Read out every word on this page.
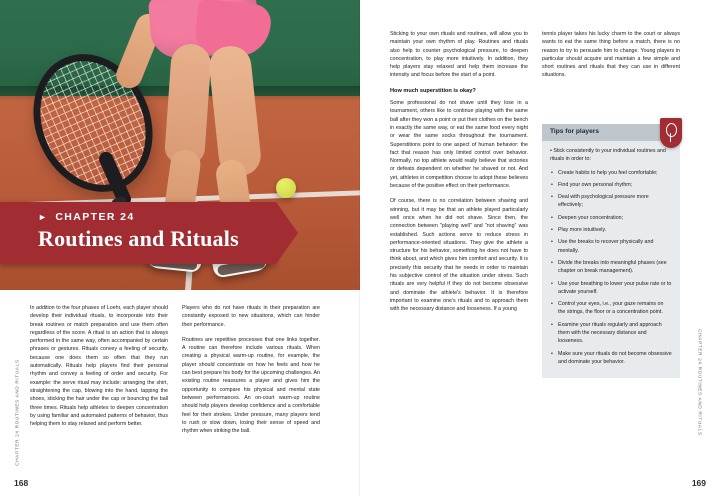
► CHAPTER 24
Routines and Rituals

In addition to the four phases of Loehr, each player should develop their individual rituals, to incorporate into their break routines or match preparation and use them often regardless of the score. A ritual is an action that is always performed in the same way, often accompanied by certain phrases or gestures. Rituals convey a feeling of security, because one does them so often that they run automatically. Rituals help players find their personal rhythm and convey a feeling of order and security. For example: the serve ritual may include: arranging the shirt, straightening the cap, blowing into the hand, tapping the shoes, sticking the hair under the cap or bouncing the ball three times. Rituals help athletes to deepen concentration by using familiar and automated patterns of behavior, thus helping them to stay relaxed and perform better.

Players who do not have rituals in their preparation are constantly exposed to new situations, which can hinder their performance.

Routines are repetitive processes that one links together. A routine can therefore include various rituals. When creating a physical warm-up routine, for example, the player should concentrate on how he feels and how he can best prepare his body for the upcoming challenges. An existing routine reassures a player and gives him the opportunity to compare his physical and mental state between performances. An on-court warm-up routine should help players develop confidence and a comfortable feel for their strokes. Under pressure, many players tend to rush or slow down, losing their sense of speed and rhythm when striking the ball.

CHAPTER 24 ROUTINES AND RITUALS
168

Sticking to your own rituals and routines, will allow you to maintain your own rhythm of play. Routines and rituals also help to counter psychological pressure, to deepen concentration, to play more intuitively. In addition, they help players stay relaxed and help them increase the intensity and focus before the start of a point.

How much superstition is okay?

Some professional do not shave until they lose in a tournament, others like to continue playing with the same ball after they won a point or put their clothes on the bench in exactly the same way, or eat the same food every night or wear the same socks throughout the tournament. Superstitions point to one aspect of human behavior: the fact that reason has only limited control over behavior. Normally, no top athlete would really believe that victories or defeats dependent on whether he shaved or not. And yet, athletes in competition choose to adopt these believes because of the positive effect on their performance.

Of course, there is no correlation between shaving and winning, but it may be that an athlete played particularly well once when he did not shave. Since then, the connection between "playing well" and "not shaving" was established. Such actions serve to reduce stress in performance-oriented situations. They give the athlete a structure for his behavior, something he does not have to think about, and which gives him comfort and security. It is precisely this security that he needs in order to maintain his subjective control of the situation under stress. Such rituals are very helpful if they do not become obsessive and dominate the athlete's behavior. It is therefore important to examine one's rituals and to approach them with the necessary distance and looseness. If a young

tennis player takes his lucky charm to the court or always wants to eat the same thing before a match, there is no reason to try to persuade him to change. Young players in particular should acquire and maintain a few simple and short routines and rituals that they can use in different situations.

Tips for players

• Stick consistently to your individual routines and rituals in order to:

• Create habits to help you feel comfortable;
• Find your own personal rhythm;
• Deal with psychological pressure more effectively;
• Deepen your concentration;
• Play more intuitively.
• Use the breaks to recover physically and mentally.
• Divide the breaks into meaningful phases (see chapter on break management).
• Use your breathing to lower your pulse rate or to activate yourself.
• Control your eyes, i.e., your gaze remains on the strings, the floor or a concentration point.
• Examine your rituals regularly and approach them with the necessary distance and looseness.
• Make sure your rituals do not become obsessive and dominate your behavior.	CHAPTER 24 ROUTINES AND RITUALS
169
